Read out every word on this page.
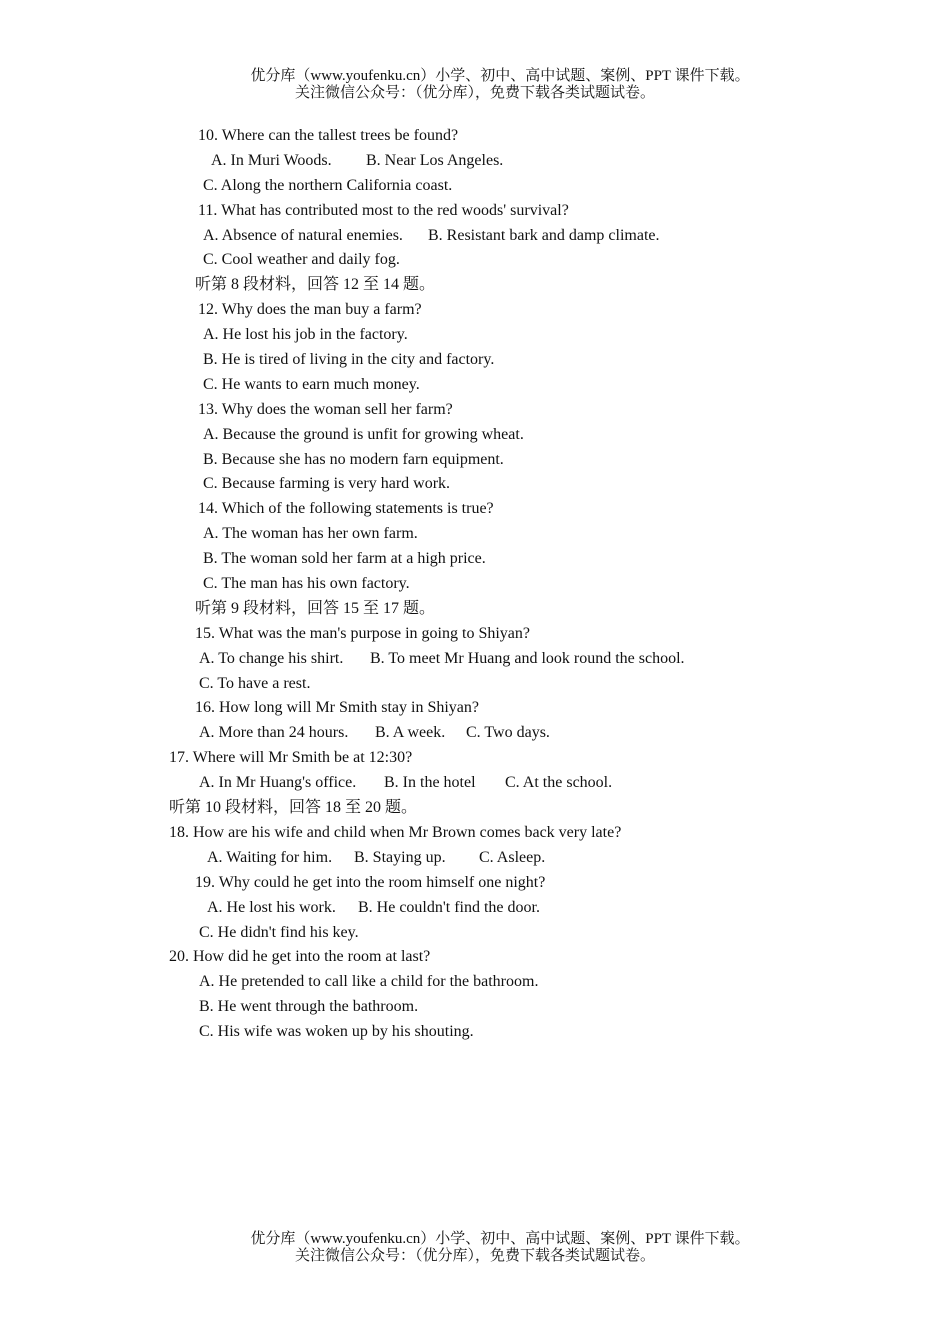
优分库（www.youfenku.cn）小学、初中、高中试题、案例、PPT 课件下载。
关注微信公众号：（优分库），免费下载各类试题试卷。
10. Where can the tallest trees be found?
A. In Muri Woods. B. Near Los Angeles.
C. Along the northern California coast.
11. What has contributed most to the red woods' survival?
A. Absence of natural enemies. B. Resistant bark and damp climate.
C. Cool weather and daily fog.
听第 8 段材料，回答 12 至 14 题。
12. Why does the man buy a farm?
A. He lost his job in the factory.
B. He is tired of living in the city and factory.
C. He wants to earn much money.
13. Why does the woman sell her farm?
A. Because the ground is unfit for growing wheat.
B. Because she has no modern farn equipment.
C. Because farming is very hard work.
14. Which of the following statements is true?
A. The woman has her own farm.
B. The woman sold her farm at a high price.
C. The man has his own factory.
听第 9 段材料，回答 15 至 17 题。
15. What was the man's purpose in going to Shiyan?
A. To change his shirt. B. To meet Mr Huang and look round the school.
C. To have a rest.
16. How long will Mr Smith stay in Shiyan?
A. More than 24 hours. B. A week. C. Two days.
17. Where will Mr Smith be at 12:30?
A. In Mr Huang's office. B. In the hotel C. At the school.
听第 10 段材料，回答 18 至 20 题。
18. How are his wife and child when Mr Brown comes back very late?
A. Waiting for him. B. Staying up. C. Asleep.
19. Why could he get into the room himself one night?
A. He lost his work. B. He couldn't find the door.
C. He didn't find his key.
20. How did he get into the room at last?
A. He pretended to call like a child for the bathroom.
B. He went through the bathroom.
C. His wife was woken up by his shouting.
优分库（www.youfenku.cn）小学、初中、高中试题、案例、PPT 课件下载。
关注微信公众号：（优分库），免费下载各类试题试卷。
